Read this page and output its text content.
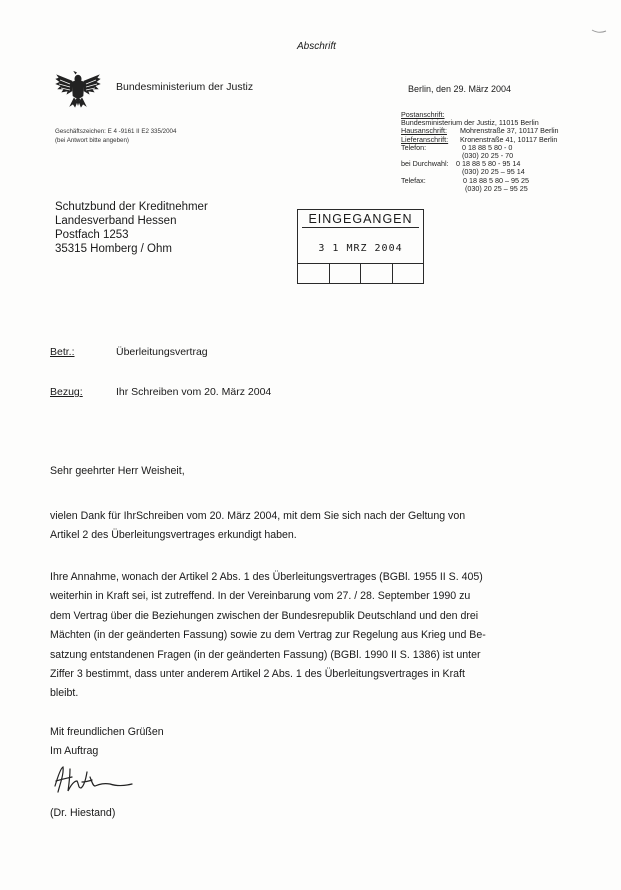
Abschrift
Bundesministerium der Justiz	Berlin, den 29. März 2004
Geschäftszeichen: E 4 -9161 II E2 335/2004
(bei Antwort bitte angeben)
Postanschrift:
Bundesministerium der Justiz, 11015 Berlin
Hausanschrift: Mohrenstraße 37, 10117 Berlin
Lieferanschrift: Kronenstraße 41, 10117 Berlin
Telefon:	0 18 88 5 80 - 0
(030) 20 25 - 70
bei Durchwahl: 0 18 88 5 80 - 95 14
(030) 20 25 – 95 14
Telefax:	0 18 88 5 80 – 95 25
(030) 20 25 – 95 25
Schutzbund der Kreditnehmer
Landesverband Hessen
Postfach 1253
35315 Homberg / Ohm
EINGEGANGEN
3 1 MRZ 2004
Betr.:	Überleitungsvertrag
Bezug:	Ihr Schreiben vom 20. März 2004
Sehr geehrter Herr Weisheit,
vielen Dank für IhrSchreiben vom 20. März 2004, mit dem Sie sich nach der Geltung von
Artikel 2 des Überleitungsvertrages erkundigt haben.
Ihre Annahme, wonach der Artikel 2 Abs. 1 des Überleitungsvertrages (BGBl. 1955 II S. 405)
weiterhin in Kraft sei, ist zutreffend. In der Vereinbarung vom 27. / 28. September 1990 zu
dem Vertrag über die Beziehungen zwischen der Bundesrepublik Deutschland und den drei
Mächten (in der geänderten Fassung) sowie zu dem Vertrag zur Regelung aus Krieg und Be-
satzung entstandenen Fragen (in der geänderten Fassung) (BGBl. 1990 II S. 1386) ist unter
Ziffer 3 bestimmt, dass unter anderem Artikel 2 Abs. 1 des Überleitungsvertrages in Kraft
bleibt.
Mit freundlichen Grüßen
Im Auftrag
(Dr. Hiestand)
